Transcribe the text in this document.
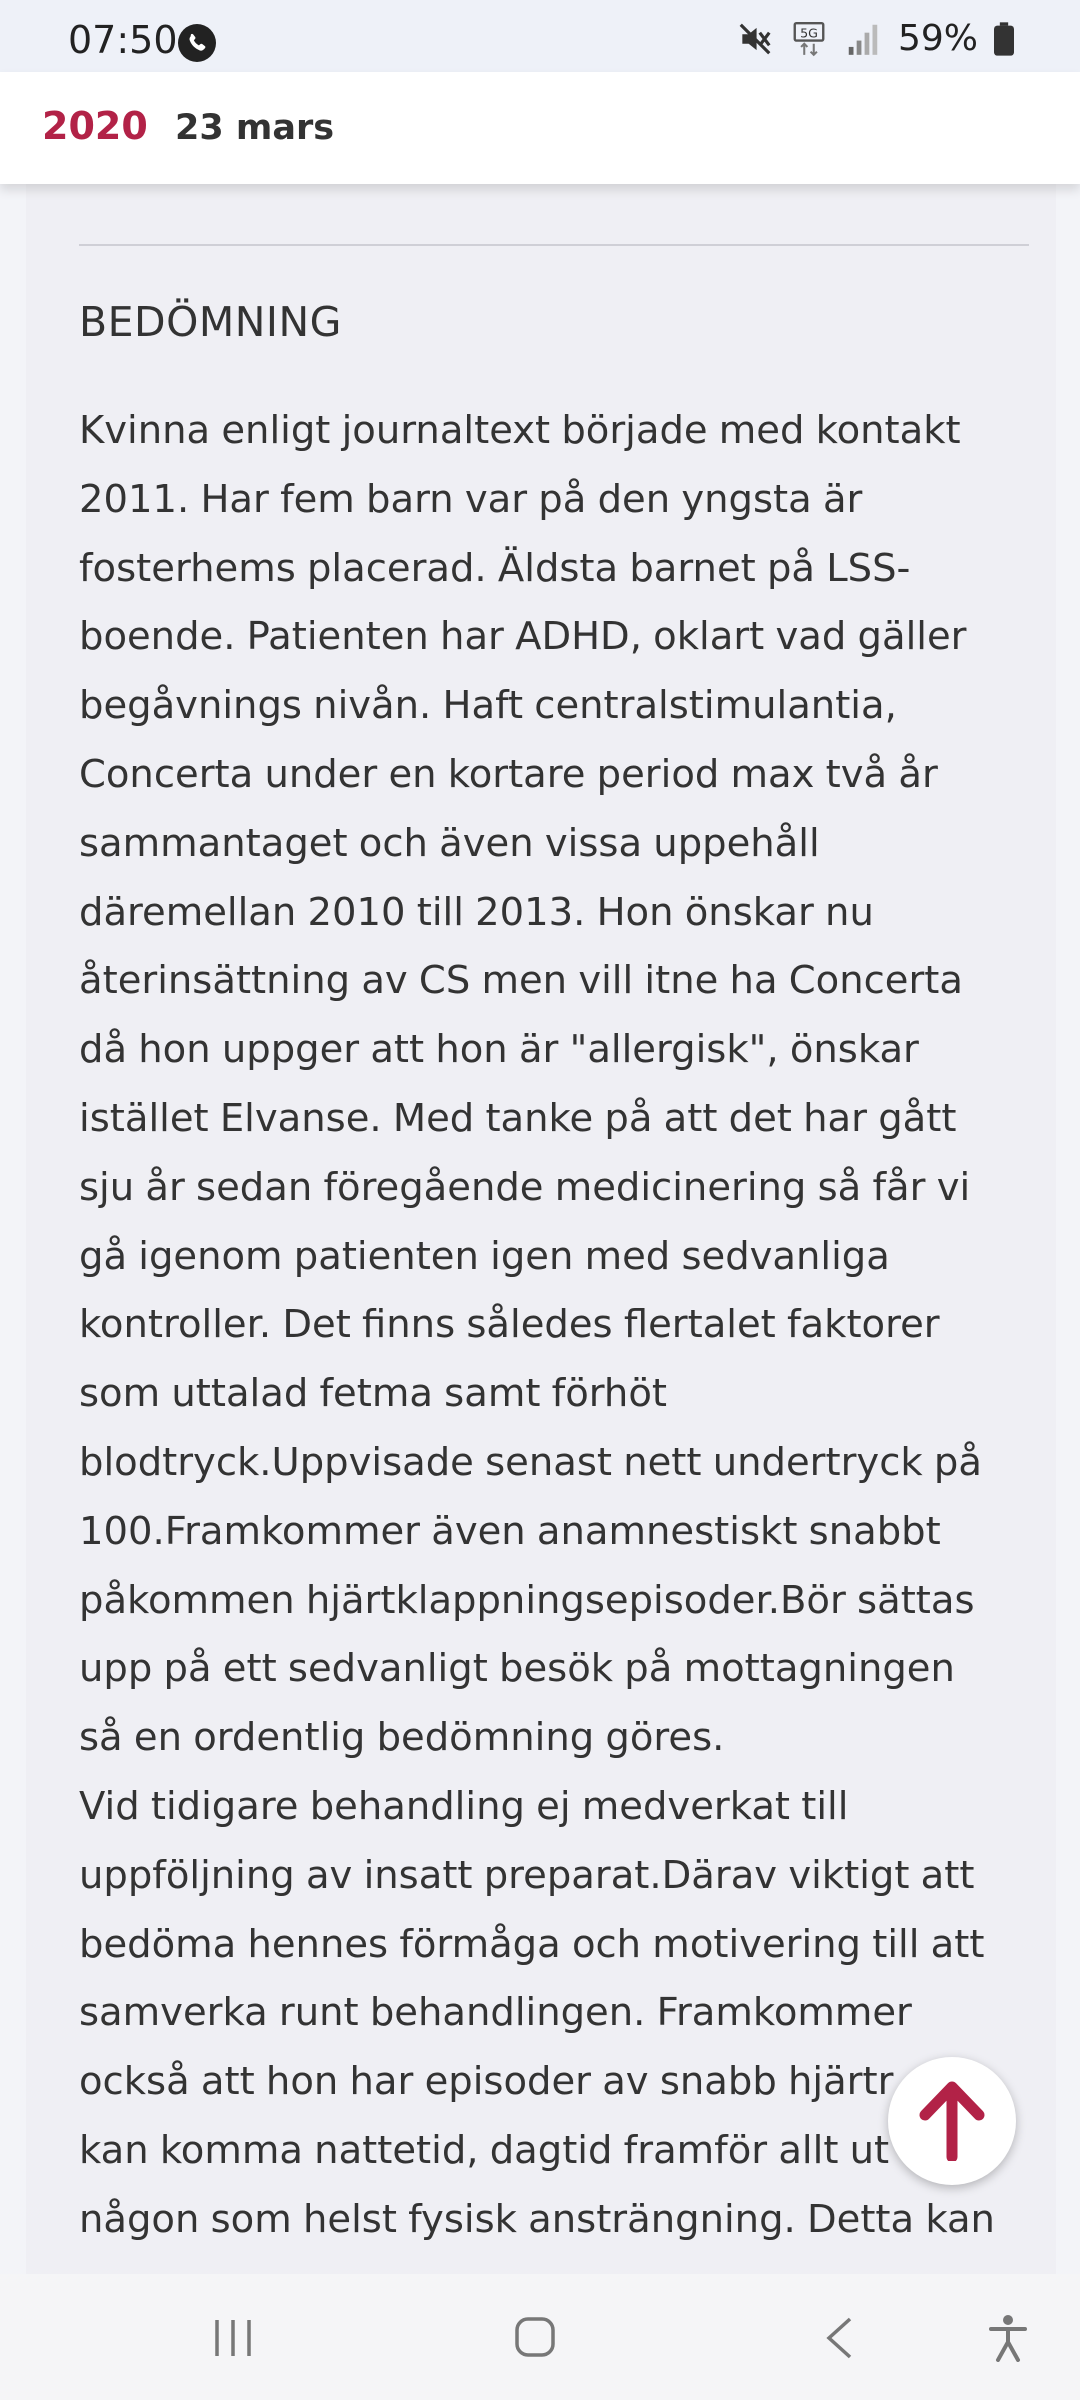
07:50	5G 59%
2020 23 mars
BEDÖMNING
Kvinna enligt journaltext började med kontakt
2011. Har fem barn var på den yngsta är
fosterhems placerad. Äldsta barnet på LSS-
boende. Patienten har ADHD, oklart vad gäller
begåvnings nivån. Haft centralstimulantia,
Concerta under en kortare period max två år
sammantaget och även vissa uppehåll
däremellan 2010 till 2013. Hon önskar nu
återinsättning av CS men vill itne ha Concerta
då hon uppger att hon är "allergisk", önskar
istället Elvanse. Med tanke på att det har gått
sju år sedan föregående medicinering så får vi
gå igenom patienten igen med sedvanliga
kontroller. Det finns således flertalet faktorer
som uttalad fetma samt förhöt
blodtryck.Uppvisade senast nett undertryck på
100.Framkommer även anamnestiskt snabbt
påkommen hjärtklappningsepisoder.Bör sättas
upp på ett sedvanligt besök på mottagningen
så en ordentlig bedömning göres.
Vid tidigare behandling ej medverkat till
uppföljning av insatt preparat.Därav viktigt att
bedöma hennes förmåga och motivering till att
samverka runt behandlingen. Framkommer
också att hon har episoder av snabb hjärtr
kan komma nattetid, dagtid framför allt ut
någon som helst fysisk ansträngning. Detta kan
